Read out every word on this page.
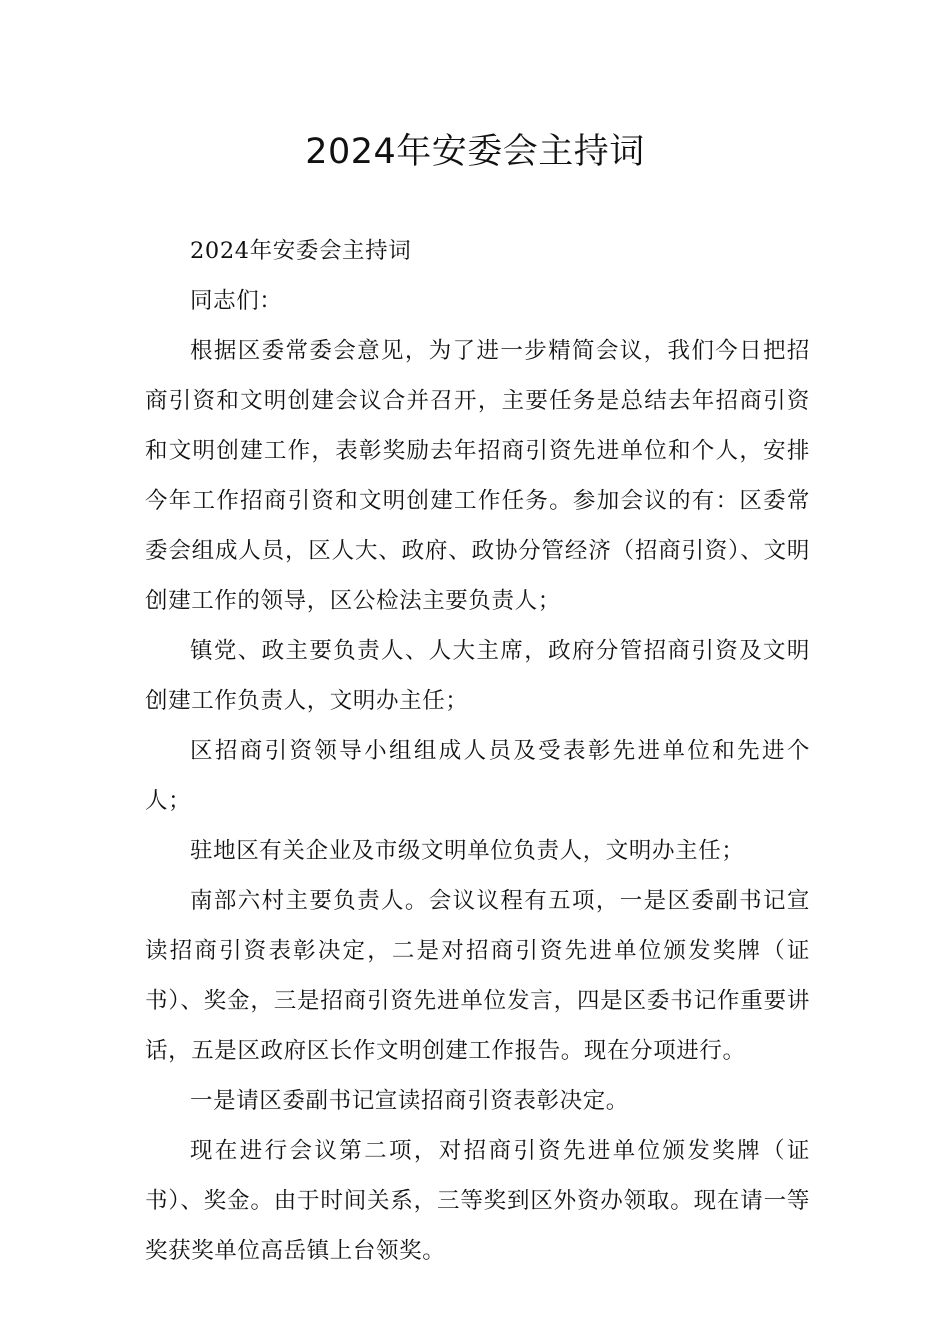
2024年安委会主持词

2024年安委会主持词

同志们：

根据区委常委会意见，为了进一步精简会议，我们今日把招商引资和文明创建会议合并召开，主要任务是总结去年招商引资和文明创建工作，表彰奖励去年招商引资先进单位和个人，安排今年工作招商引资和文明创建工作任务。参加会议的有：区委常委会组成人员，区人大、政府、政协分管经济（招商引资）、文明创建工作的领导，区公检法主要负责人；

镇党、政主要负责人、人大主席，政府分管招商引资及文明创建工作负责人，文明办主任；

区招商引资领导小组组成人员及受表彰先进单位和先进个人；

驻地区有关企业及市级文明单位负责人，文明办主任；

南部六村主要负责人。会议议程有五项，一是区委副书记宣读招商引资表彰决定，二是对招商引资先进单位颁发奖牌（证书）、奖金，三是招商引资先进单位发言，四是区委书记作重要讲话，五是区政府区长作文明创建工作报告。现在分项进行。

一是请区委副书记宣读招商引资表彰决定。

现在进行会议第二项，对招商引资先进单位颁发奖牌（证书）、奖金。由于时间关系，三等奖到区外资办领取。现在请一等奖获奖单位高岳镇上台领奖。
